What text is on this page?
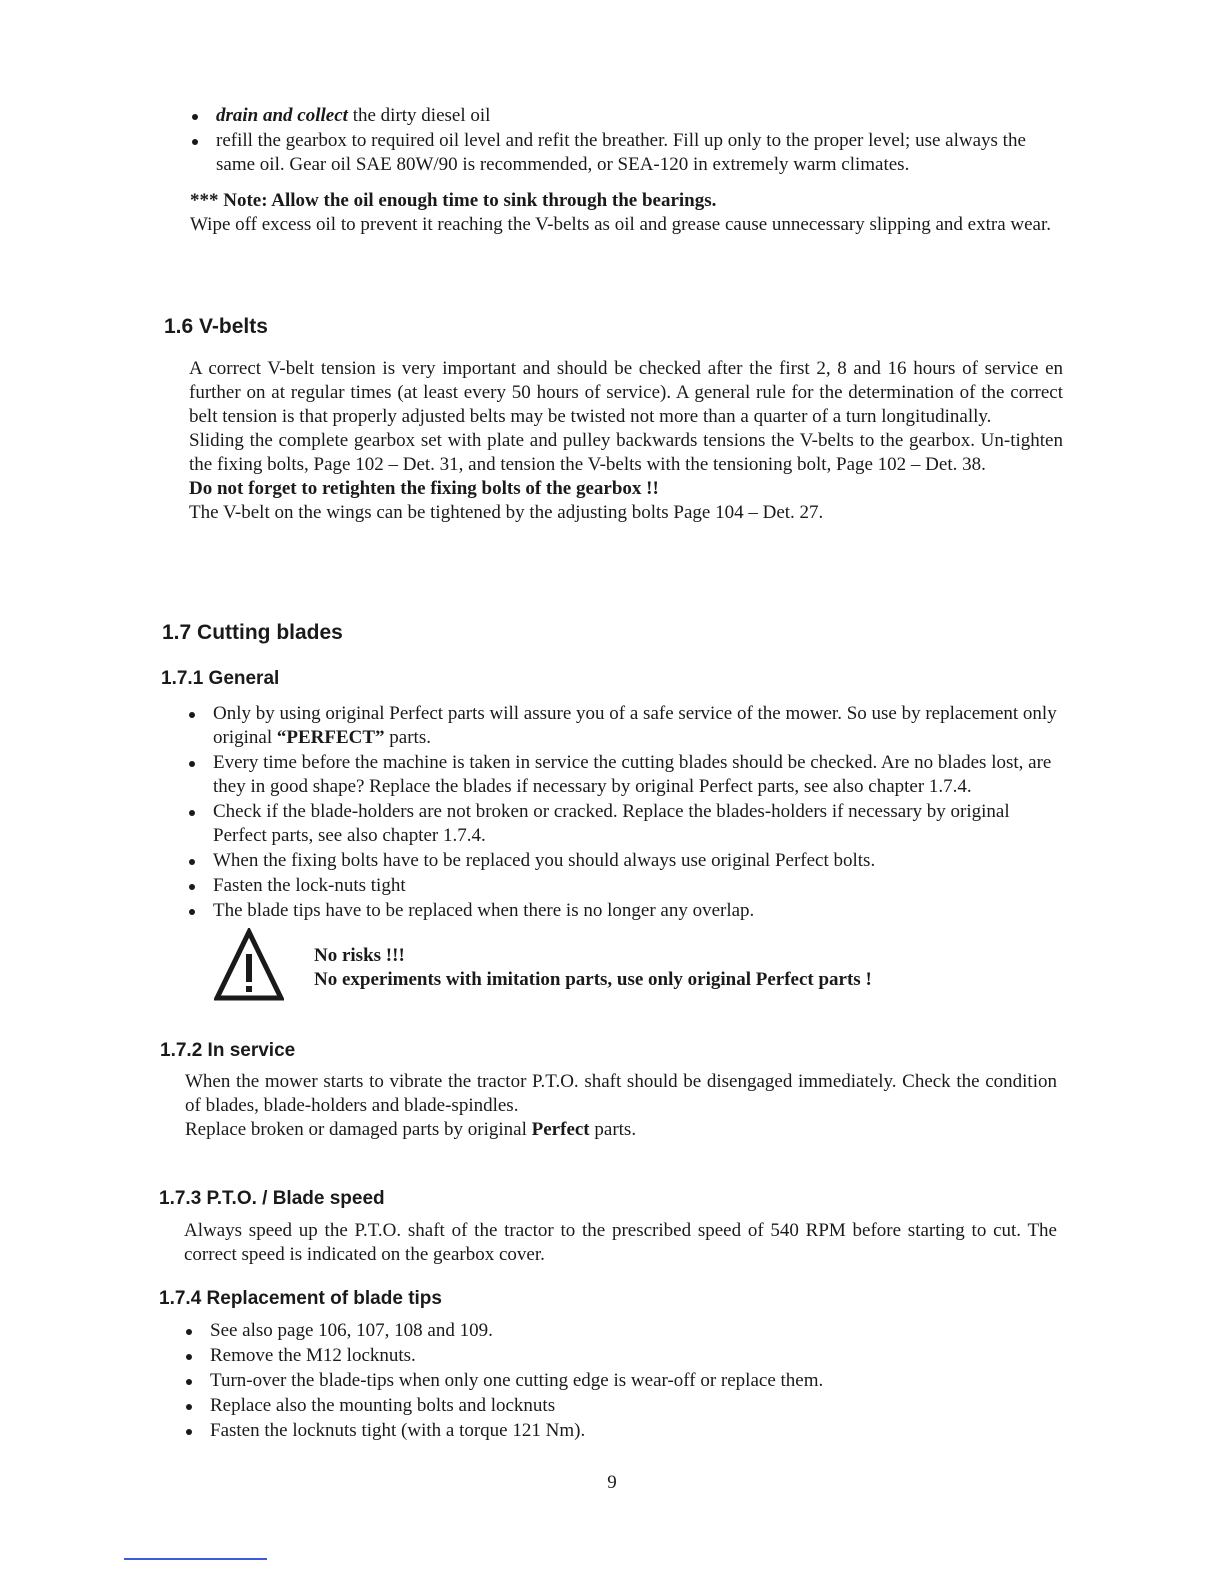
drain and collect the dirty diesel oil
refill the gearbox to required oil level and refit the breather. Fill up only to the proper level; use always the same oil. Gear oil SAE 80W/90 is recommended, or SEA-120 in extremely warm climates.

*** Note: Allow the oil enough time to sink through the bearings.

Wipe off excess oil to prevent it reaching the V-belts as oil and grease cause unnecessary slipping and extra wear.

1.6 V-belts

A correct V-belt tension is very important and should be checked after the first 2, 8 and 16 hours of service en further on at regular times (at least every 50 hours of service). A general rule for the determination of the correct belt tension is that properly adjusted belts may be twisted not more than a quarter of a turn longitudinally.

Sliding the complete gearbox set with plate and pulley backwards tensions the V-belts to the gearbox. Un-tighten the fixing bolts, Page 102 – Det. 31, and tension the V-belts with the tensioning bolt, Page 102 – Det. 38.

Do not forget to retighten the fixing bolts of the gearbox !!

The V-belt on the wings can be tightened by the adjusting bolts Page 104 – Det. 27.

1.7 Cutting blades
1.7.1 General
Only by using original Perfect parts will assure you of a safe service of the mower. So use by replacement only original “PERFECT” parts.
Every time before the machine is taken in service the cutting blades should be checked. Are no blades lost, are they in good shape? Replace the blades if necessary by original Perfect parts, see also chapter 1.7.4.
Check if the blade-holders are not broken or cracked. Replace the blades-holders if necessary by original Perfect parts, see also chapter 1.7.4.
When the fixing bolts have to be replaced you should always use original Perfect bolts.
Fasten the lock-nuts tight
The blade tips have to be replaced when there is no longer any overlap.
No risks !!!
No experiments with imitation parts, use only original Perfect parts !
1.7.2 In service

When the mower starts to vibrate the tractor P.T.O. shaft should be disengaged immediately. Check the condition of blades, blade-holders and blade-spindles.

Replace broken or damaged parts by original Perfect parts.

1.7.3 P.T.O. / Blade speed

Always speed up the P.T.O. shaft of the tractor to the prescribed speed of 540 RPM before starting to cut. The correct speed is indicated on the gearbox cover.

1.7.4 Replacement of blade tips
See also page 106, 107, 108 and 109.
Remove the M12 locknuts.
Turn-over the blade-tips when only one cutting edge is wear-off or replace them.
Replace also the mounting bolts and locknuts
Fasten the locknuts tight (with a torque 121 Nm).
9
